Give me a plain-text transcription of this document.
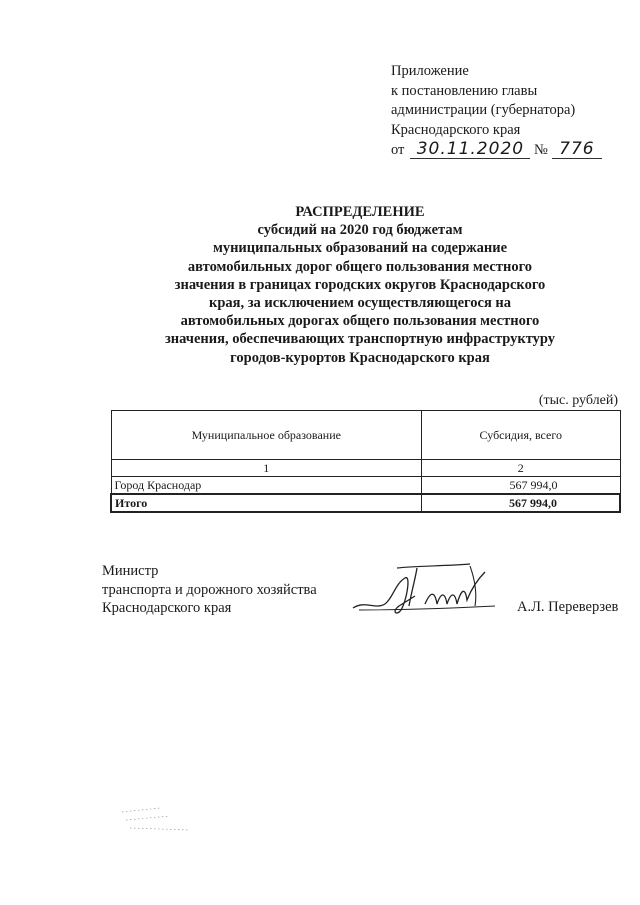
Приложение
к постановлению главы
администрации (губернатора)
Краснодарского края
от 30.11.2020 № 776
РАСПРЕДЕЛЕНИЕ
субсидий на 2020 год бюджетам
муниципальных образований на содержание
автомобильных дорог общего пользования местного
значения в границах городских округов Краснодарского
края, за исключением осуществляющегося на
автомобильных дорогах общего пользования местного
значения, обеспечивающих транспортную инфраструктуру
городов-курортов Краснодарского края
(тыс. рублей)
Муниципальное образование	Субсидия, всего
1	2
Город Краснодар	567 994,0
Итого	567 994,0
Министр
транспорта и дорожного хозяйства
Краснодарского края	А.Л. Переверзев
